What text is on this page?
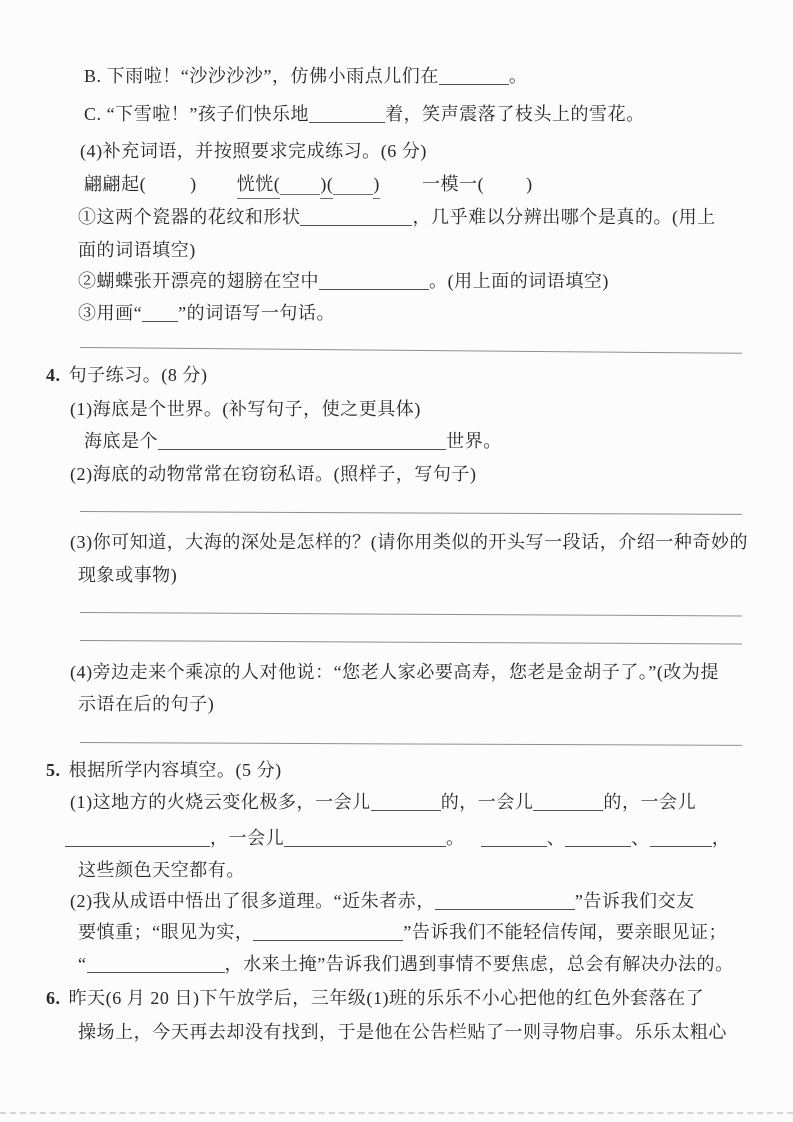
B. 下雨啦！“沙沙沙沙”，仿佛小雨点儿们在	。
C. “下雪啦！”孩子们快乐地	着，笑声震落了枝头上的雪花。
(4)补充词语，并按照要求完成练习。(6 分)
翩翩起( ) 恍恍( )( ) 一模一( )
①这两个瓷器的花纹和形状	，几乎难以分辨出哪个是真的。(用上
面的词语填空)
②蝴蝶张开漂亮的翅膀在空中	。(用上面的词语填空)
③用画“ ”的词语写一句话。
4. 句子练习。(8 分)
(1)海底是个世界。(补写句子，使之更具体)
海底是个	世界。
(2)海底的动物常常在窃窃私语。(照样子，写句子)
(3)你可知道，大海的深处是怎样的？(请你用类似的开头写一段话，介绍一种奇妙的
现象或事物)
(4)旁边走来个乘凉的人对他说：“您老人家必要高寿，您老是金胡子了。”(改为提
示语在后的句子)
5. 根据所学内容填空。(5 分)
(1)这地方的火烧云变化极多，一会儿	的，一会儿	的，一会儿
，一会儿	。	、	、	，
这些颜色天空都有。
(2)我从成语中悟出了很多道理。“近朱者赤，	”告诉我们交友
要慎重；“眼见为实，	”告诉我们不能轻信传闻，要亲眼见证；
“	，水来土掩”告诉我们遇到事情不要焦虑，总会有解决办法的。
6. 昨天(6 月 20 日)下午放学后，三年级(1)班的乐乐不小心把他的红色外套落在了
操场上，今天再去却没有找到，于是他在公告栏贴了一则寻物启事。乐乐太粗心
